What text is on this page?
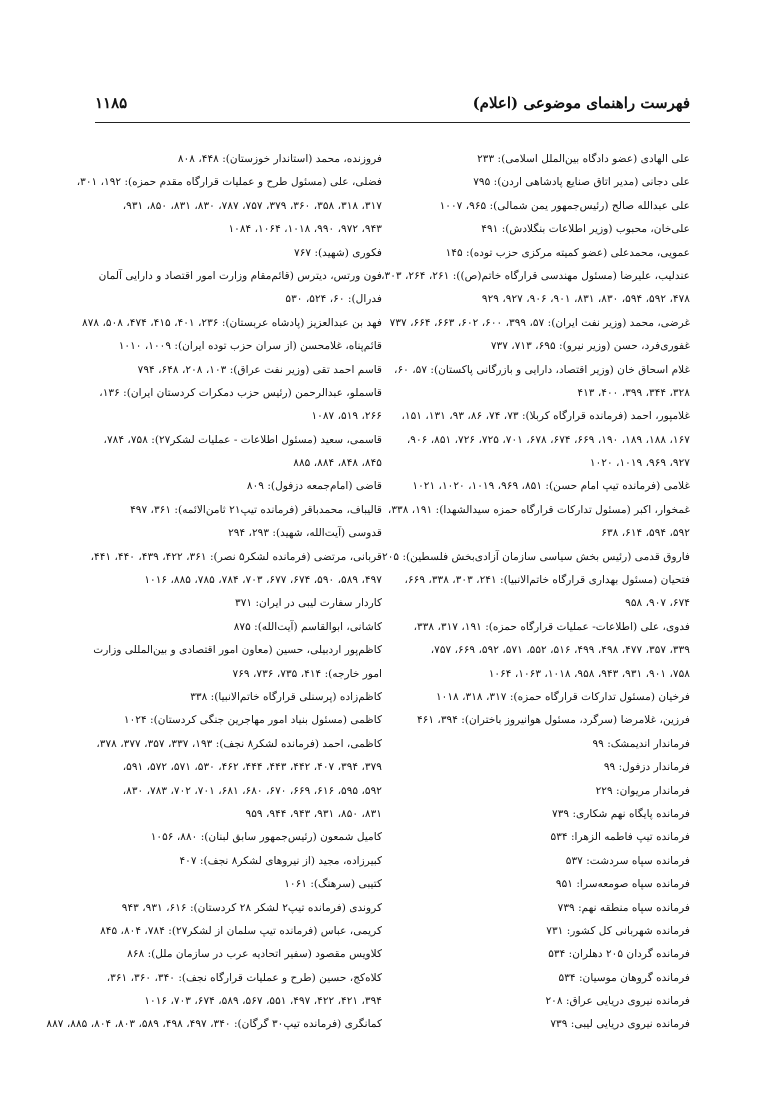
فهرست راهنمای موضوعی (اعلام)
۱۱۸۵
علی الهادی (عضو دادگاه بین‌الملل اسلامی): ۲۳۳
علی دجانی (مدیر اتاق صنایع پادشاهی اردن): ۷۹۵
علی عبدالله صالح (رئیس‌جمهور یمن شمالی): ۹۶۵، ۱۰۰۷
علی‌خان، محبوب (وزیر اطلاعات بنگلادش): ۴۹۱
عمویی، محمدعلی (عضو کمیته مرکزی حزب توده): ۱۴۵
عندلیب، علیرضا (مسئول مهندسی قرارگاه خاتم(ص)): ۲۶۱، ۲۶۴، ۳۰۳،
۴۷۸، ۵۹۲، ۵۹۴، ۸۳۰، ۸۳۱، ۹۰۱، ۹۰۶، ۹۲۷، ۹۲۹
غرضی، محمد (وزیر نفت ایران): ۵۷، ۳۹۹، ۶۰۰، ۶۰۲، ۶۶۳، ۶۶۴، ۷۳۷
غفوری‌فرد، حسن (وزیر نیرو): ۶۹۵، ۷۱۳، ۷۳۷
غلام اسحاق خان (وزیر اقتصاد، دارایی و بازرگانی پاکستان): ۵۷، ۶۰،
۳۲۸، ۳۴۴، ۳۹۹، ۴۰۰، ۴۱۳
غلامپور، احمد (فرمانده قرارگاه کربلا): ۷۳، ۷۴، ۸۶، ۹۳، ۱۳۱، ۱۵۱،
۱۶۷، ۱۸۸، ۱۸۹، ۱۹۰، ۶۶۹، ۶۷۴، ۶۷۸، ۷۰۱، ۷۲۵، ۷۲۶، ۸۵۱، ۹۰۶،
۹۲۷، ۹۶۹، ۱۰۱۹، ۱۰۲۰
غلامی (فرمانده تیپ امام حسن): ۸۵۱، ۹۶۹، ۱۰۱۹، ۱۰۲۰، ۱۰۲۱
غمخوار، اکبر (مسئول تدارکات قرارگاه حمزه سیدالشهدا): ۱۹۱، ۳۳۸،
۵۹۲، ۵۹۴، ۶۱۴، ۶۳۸
فاروق قدمی (رئیس بخش سیاسی سازمان آزادی‌بخش فلسطین): ۲۰۵
فتحیان (مسئول بهداری قرارگاه خاتم‌الانبیا): ۲۴۱، ۳۰۳، ۳۳۸، ۶۶۹،
۶۷۴، ۹۰۷، ۹۵۸
فدوی، علی (اطلاعات- عملیات قرارگاه حمزه): ۱۹۱، ۳۱۷، ۳۳۸،
۳۳۹، ۳۵۷، ۴۷۷، ۴۹۸، ۴۹۹، ۵۱۶، ۵۵۲، ۵۷۱، ۵۹۲، ۶۶۹، ۷۵۷،
۷۵۸، ۹۰۱، ۹۳۱، ۹۴۳، ۹۵۸، ۱۰۱۸، ۱۰۶۳، ۱۰۶۴
فرخیان (مسئول تدارکات قرارگاه حمزه): ۳۱۷، ۳۱۸، ۱۰۱۸
فرزین، غلامرضا (سرگرد، مسئول هوانیروز باختران): ۳۹۴، ۴۶۱
فرماندار اندیمشک: ۹۹
فرماندار دزفول: ۹۹
فرماندار مریوان: ۲۲۹
فرمانده پایگاه نهم شکاری: ۷۳۹
فرمانده تیپ فاطمه الزهرا: ۵۳۴
فرمانده سپاه سردشت: ۵۳۷
فرمانده سپاه صومعه‌سرا: ۹۵۱
فرمانده سپاه منطقه نهم: ۷۳۹
فرمانده شهربانی کل کشور: ۷۳۱
فرمانده گردان ۲۰۵ دهلران: ۵۳۴
فرمانده گروهان موسیان: ۵۳۴
فرمانده نیروی دریایی عراق: ۲۰۸
فرمانده نیروی دریایی لیبی: ۷۳۹
فروزنده، محمد (استاندار خوزستان): ۴۴۸، ۸۰۸
فضلی، علی (مسئول طرح و عملیات قرارگاه مقدم حمزه): ۱۹۲، ۳۰۱،
۳۱۷، ۳۱۸، ۳۵۸، ۳۶۰، ۳۷۹، ۷۵۷، ۷۸۷، ۸۳۰، ۸۳۱، ۸۵۰، ۹۳۱،
۹۴۳، ۹۷۲، ۹۹۰، ۱۰۱۸، ۱۰۶۴، ۱۰۸۴
فکوری (شهید): ۷۶۷
فون ورتس، دیترس (قائم‌مقام وزارت امور اقتصاد و دارایی آلمان
فدرال): ۶۰، ۵۲۴، ۵۳۰
فهد بن عبدالعزیز (پادشاه عربستان): ۲۳۶، ۴۰۱، ۴۱۵، ۴۷۴، ۵۰۸، ۸۷۸
قائم‌پناه، غلامحسن (از سران حزب توده ایران): ۱۰۰۹، ۱۰۱۰
قاسم احمد تقی (وزیر نفت عراق): ۱۰۳، ۲۰۸، ۶۴۸، ۷۹۴
قاسملو، عبدالرحمن (رئیس حزب دمکرات کردستان ایران): ۱۳۶،
۲۶۶، ۵۱۹، ۱۰۸۷
قاسمی، سعید (مسئول اطلاعات - عملیات لشکر۲۷): ۷۵۸، ۷۸۴،
۸۴۵، ۸۴۸، ۸۸۴، ۸۸۵
قاضی (امام‌جمعه دزفول): ۸۰۹
قالیباف، محمدباقر (فرمانده تیپ۲۱ ثامن‌الائمه): ۳۶۱، ۴۹۷
قدوسی (آیت‌الله، شهید): ۲۹۳، ۲۹۴
قربانی، مرتضی (فرمانده لشکر۵ نصر): ۳۶۱، ۴۲۲، ۴۳۹، ۴۴۰، ۴۴۱،
۴۹۷، ۵۸۹، ۵۹۰، ۶۷۴، ۶۷۷، ۷۰۳، ۷۸۴، ۷۸۵، ۸۸۵، ۱۰۱۶
کاردار سفارت لیبی در ایران: ۳۷۱
کاشانی، ابوالقاسم (آیت‌الله): ۸۷۵
کاظم‌پور اردبیلی، حسین (معاون امور اقتصادی و بین‌المللی وزارت
امور خارجه): ۴۱۴، ۷۳۵، ۷۳۶، ۷۶۹
کاظم‌زاده (پرسنلی قرارگاه خاتم‌الانبیا): ۳۳۸
کاظمی (مسئول بنیاد امور مهاجرین جنگی کردستان): ۱۰۲۴
کاظمی، احمد (فرمانده لشکر۸ نجف): ۱۹۳، ۳۳۷، ۳۵۷، ۳۷۷، ۳۷۸،
۳۷۹، ۳۹۴، ۴۰۷، ۴۴۲، ۴۴۳، ۴۴۴، ۴۶۲، ۵۳۰، ۵۷۱، ۵۷۲، ۵۹۱،
۵۹۲، ۵۹۵، ۶۱۶، ۶۶۹، ۶۷۰، ۶۸۰، ۶۸۱، ۷۰۱، ۷۰۲، ۷۸۳، ۸۳۰،
۸۳۱، ۸۵۰، ۹۳۱، ۹۴۳، ۹۴۴، ۹۵۹
کامیل شمعون (رئیس‌جمهور سابق لبنان): ۸۸۰، ۱۰۵۶
کبیرزاده، مجید (از نیروهای لشکر۸ نجف): ۴۰۷
کتیبی (سرهنگ): ۱۰۶۱
کروندی (فرمانده تیپ۲ لشکر ۲۸ کردستان): ۶۱۶، ۹۳۱، ۹۴۳
کریمی، عباس (فرمانده تیپ سلمان از لشکر۲۷): ۷۸۴، ۸۰۴، ۸۴۵
کلاویس مقصود (سفیر اتحادیه عرب در سازمان ملل): ۸۶۸
کلاه‌کج، حسین (طرح و عملیات قرارگاه نجف): ۳۴۰، ۳۶۰، ۳۶۱،
۳۹۴، ۴۲۱، ۴۲۲، ۴۹۷، ۵۵۱، ۵۶۷، ۵۸۹، ۶۷۴، ۷۰۳، ۱۰۱۶
کمانگری (فرمانده تیپ۳۰ گرگان): ۳۴۰، ۴۹۷، ۴۹۸، ۵۸۹، ۸۰۳، ۸۰۴، ۸۸۵، ۸۸۷
